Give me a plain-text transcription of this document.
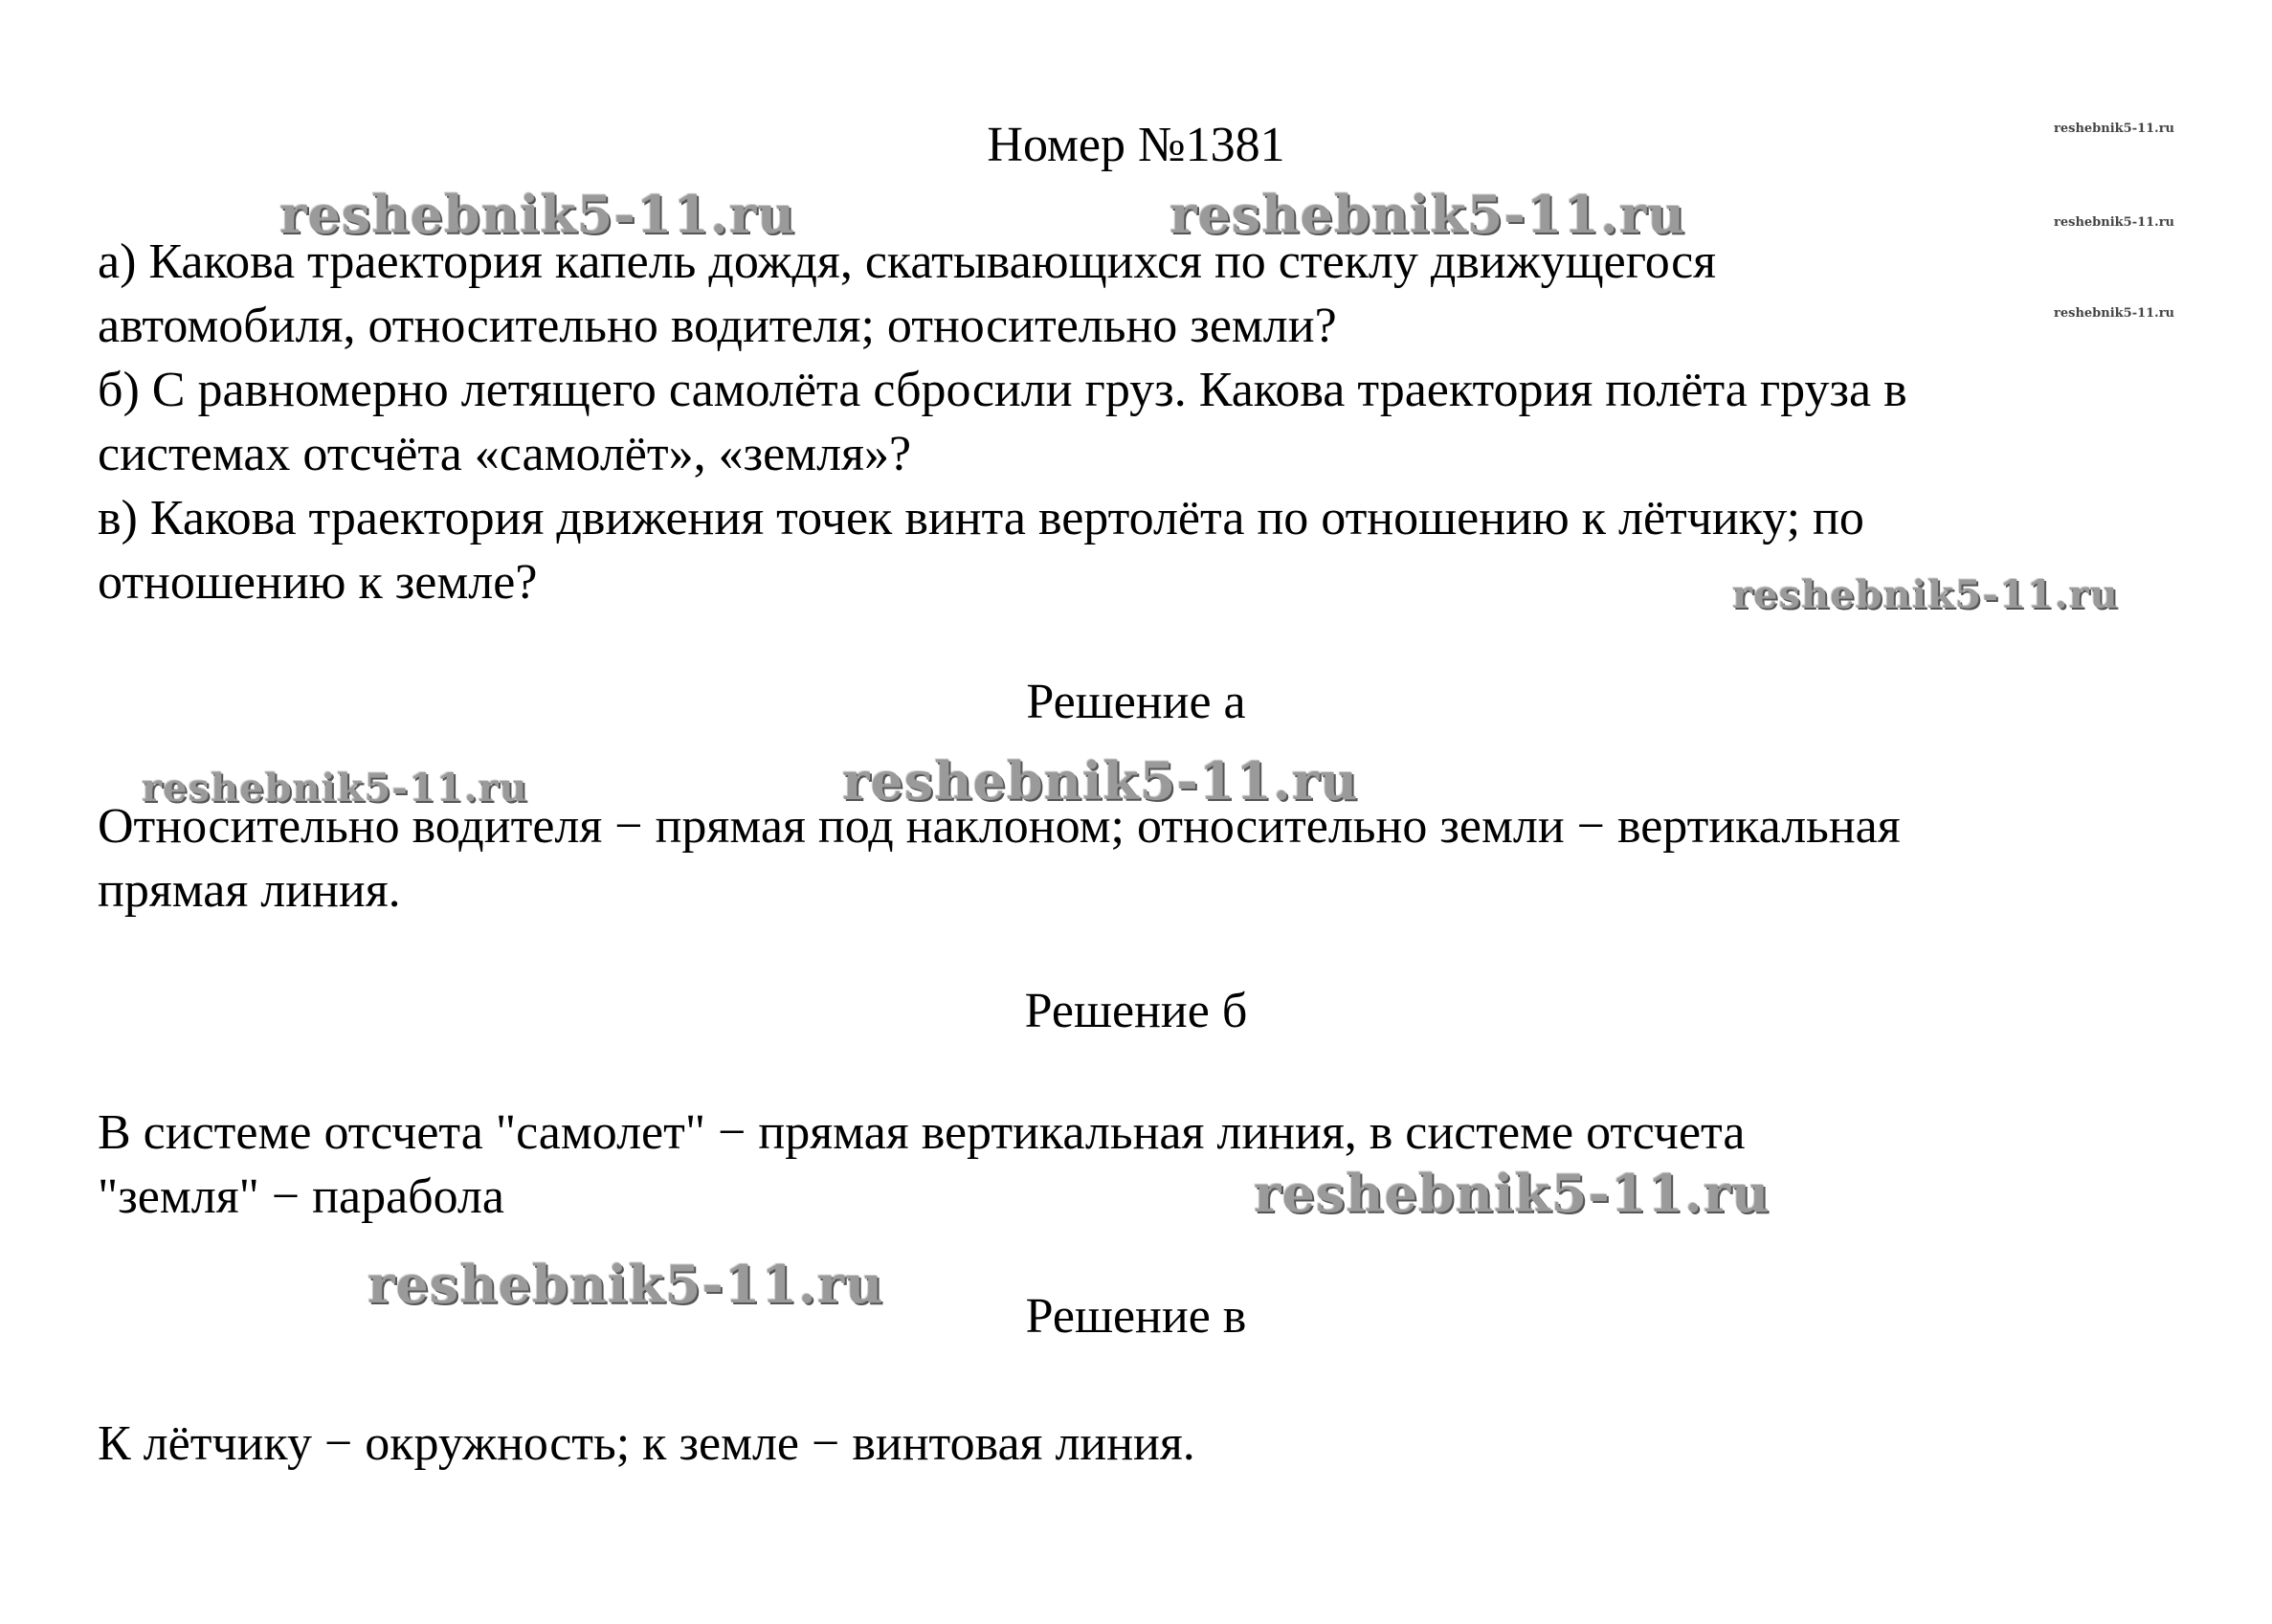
reshebnik5-11.ru
reshebnik5-11.ru
reshebnik5-11.ru
Номер №1381
а) Какова траектория капель дождя, скатывающихся по стеклу движущегося
автомобиля, относительно водителя; относительно земли?
б) С равномерно летящего самолёта сбросили груз. Какова траектория полёта груза в
системах отсчёта «самолёт», «земля»?
в) Какова траектория движения точек винта вертолёта по отношению к лётчику; по
отношению к земле?
Решение а
Относительно водителя − прямая под наклоном; относительно земли − вертикальная
прямая линия.
Решение б
В системе отсчета "самолет" − прямая вертикальная линия, в системе отсчета
"земля" − парабола
Решение в
К лётчику − окружность; к земле − винтовая линия.
reshebnik5-11.ru	reshebnik5-11.ru
reshebnik5-11.ru
reshebnik5-11.ru	reshebnik5-11.ru
reshebnik5-11.ru
reshebnik5-11.ru
